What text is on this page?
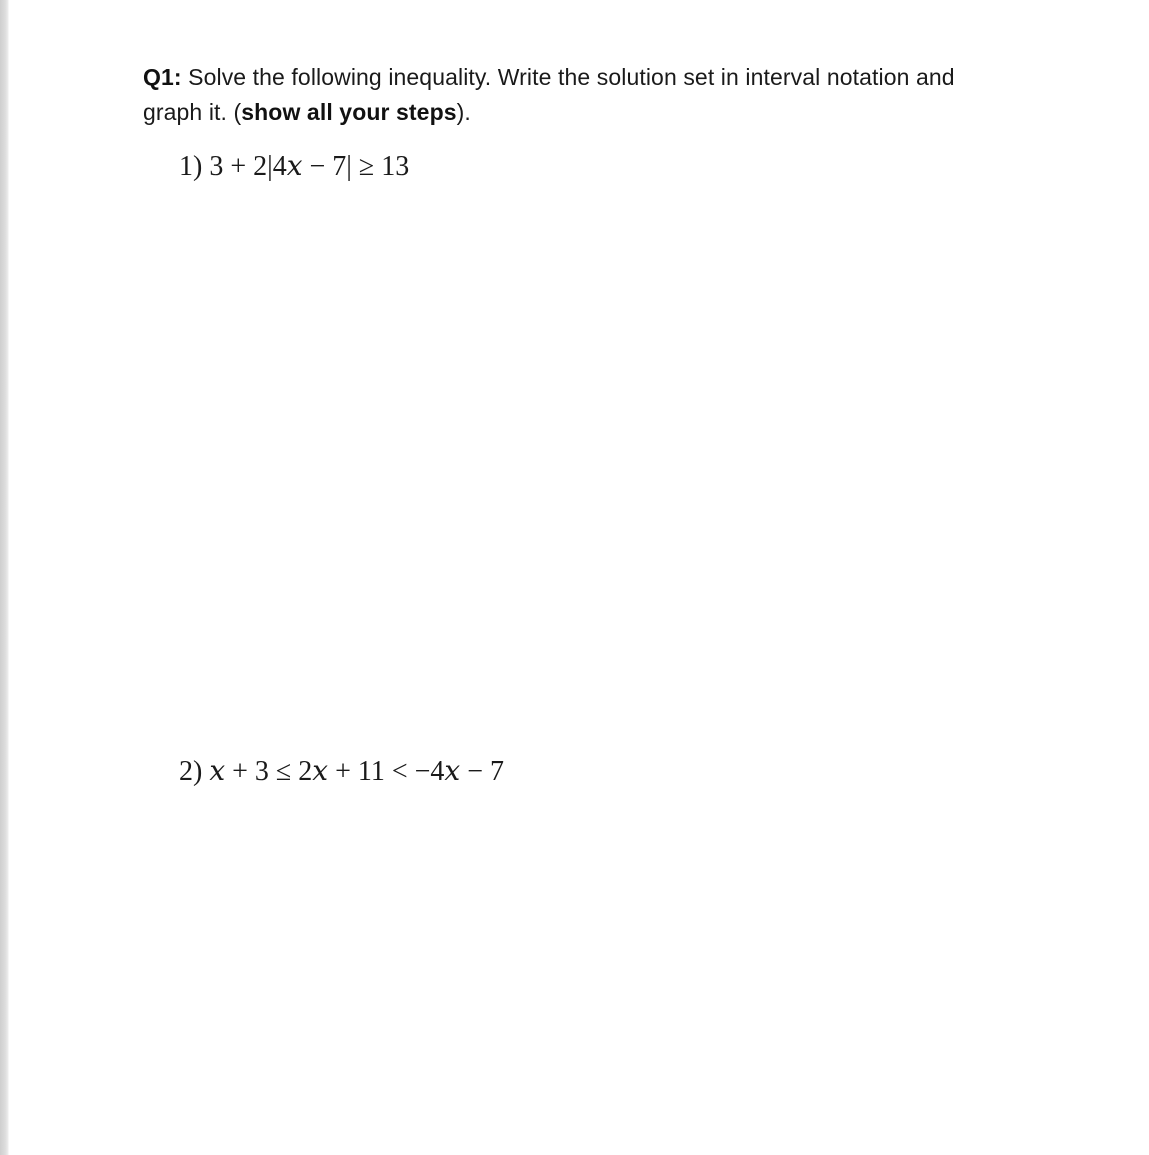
Q1: Solve the following inequality. Write the solution set in interval notation and
graph it. (show all your steps).
1) 3 + 2|4𝑥 − 7| ≥ 13
2) 𝑥 + 3 ≤ 2𝑥 + 11 < −4𝑥 − 7
